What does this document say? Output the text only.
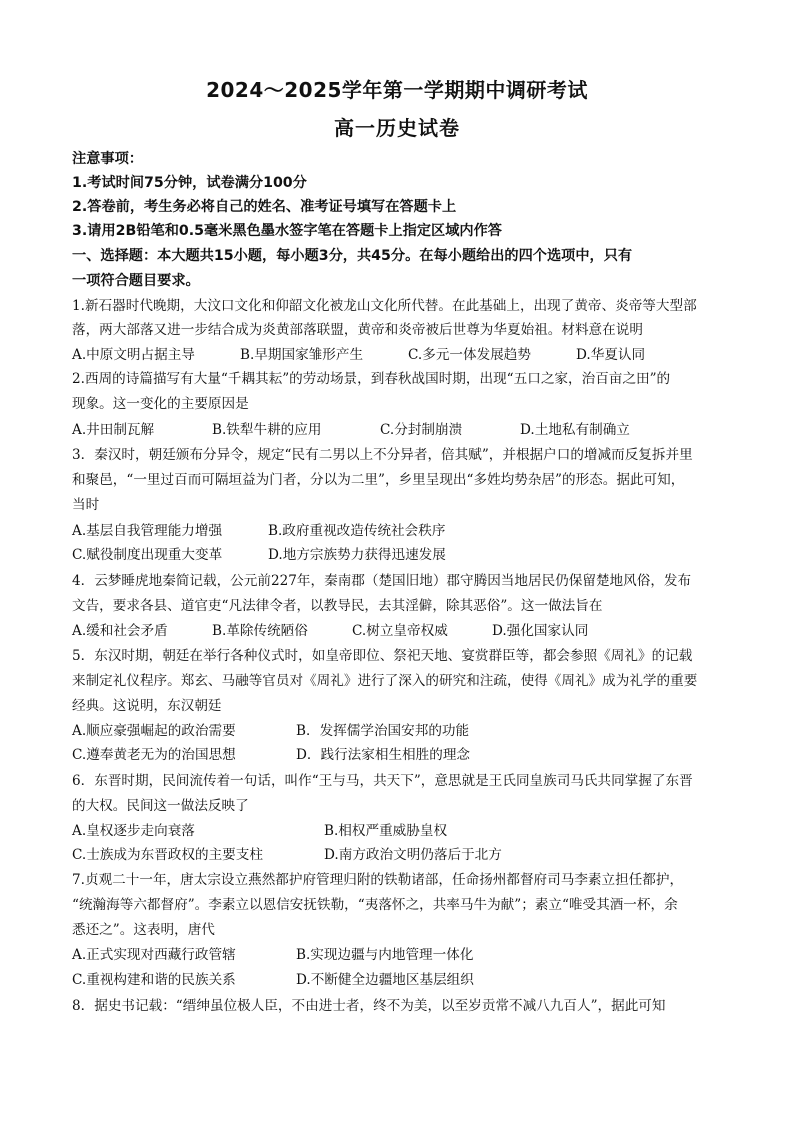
2024～2025学年第一学期期中调研考试
高一历史试卷
注意事项：
1.考试时间75分钟，试卷满分100分
2.答卷前，考生务必将自己的姓名、准考证号填写在答题卡上
3.请用2B铅笔和0.5毫米黑色墨水签字笔在答题卡上指定区域内作答
一、选择题：本大题共15小题，每小题3分，共45分。在每小题给出的四个选项中，只有
一项符合题目要求。
1.新石器时代晚期，大汶口文化和仰韶文化被龙山文化所代替。在此基础上，出现了黄帝、炎帝等大型部
落，两大部落又进一步结合成为炎黄部落联盟，黄帝和炎帝被后世尊为华夏始祖。材料意在说明
A.中原文明占据主导	B.早期国家雏形产生	C.多元一体发展趋势	D.华夏认同
2.西周的诗篇描写有大量“千耦其耘”的劳动场景，到春秋战国时期，出现“五口之家，治百亩之田”的
现象。这一变化的主要原因是
A.井田制瓦解	B.铁犁牛耕的应用	C.分封制崩溃	D.土地私有制确立
3．秦汉时，朝廷颁布分异令，规定“民有二男以上不分异者，倍其赋”，并根据户口的增减而反复拆并里
和聚邑，“一里过百而可隔垣益为门者，分以为二里”，乡里呈现出“多姓均势杂居”的形态。据此可知，
当时
A.基层自我管理能力增强	B.政府重视改造传统社会秩序
C.赋役制度出现重大变革	D.地方宗族势力获得迅速发展
4．云梦睡虎地秦简记载，公元前227年，秦南郡（楚国旧地）郡守腾因当地居民仍保留楚地风俗，发布
文告，要求各县、道官吏“凡法律令者，以教导民，去其淫僻，除其恶俗”。这一做法旨在
A.缓和社会矛盾	B.革除传统陋俗	C.树立皇帝权威	D.强化国家认同
5．东汉时期，朝廷在举行各种仪式时，如皇帝即位、祭祀天地、宴赏群臣等，都会参照《周礼》的记载
来制定礼仪程序。郑玄、马融等官员对《周礼》进行了深入的研究和注疏，使得《周礼》成为礼学的重要
经典。这说明，东汉朝廷
A.顺应豪强崛起的政治需要	B．发挥儒学治国安邦的功能
C.遵奉黄老无为的治国思想	D．践行法家相生相胜的理念
6．东晋时期，民间流传着一句话，叫作“王与马，共天下”，意思就是王氏同皇族司马氏共同掌握了东晋
的大权。民间这一做法反映了
A.皇权逐步走向衰落	B.相权严重威胁皇权
C.士族成为东晋政权的主要支柱	D.南方政治文明仍落后于北方
7.贞观二十一年，唐太宗设立燕然都护府管理归附的铁勒诸部，任命扬州都督府司马李素立担任都护，
“统瀚海等六都督府”。李素立以恩信安抚铁勒，“夷落怀之，共率马牛为献”；素立“唯受其酒一杯，余
悉还之”。这表明，唐代
A.正式实现对西藏行政管辖	B.实现边疆与内地管理一体化
C.重视构建和谐的民族关系	D.不断健全边疆地区基层组织
8．据史书记载：“缙绅虽位极人臣，不由进士者，终不为美，以至岁贡常不减八九百人”，据此可知
